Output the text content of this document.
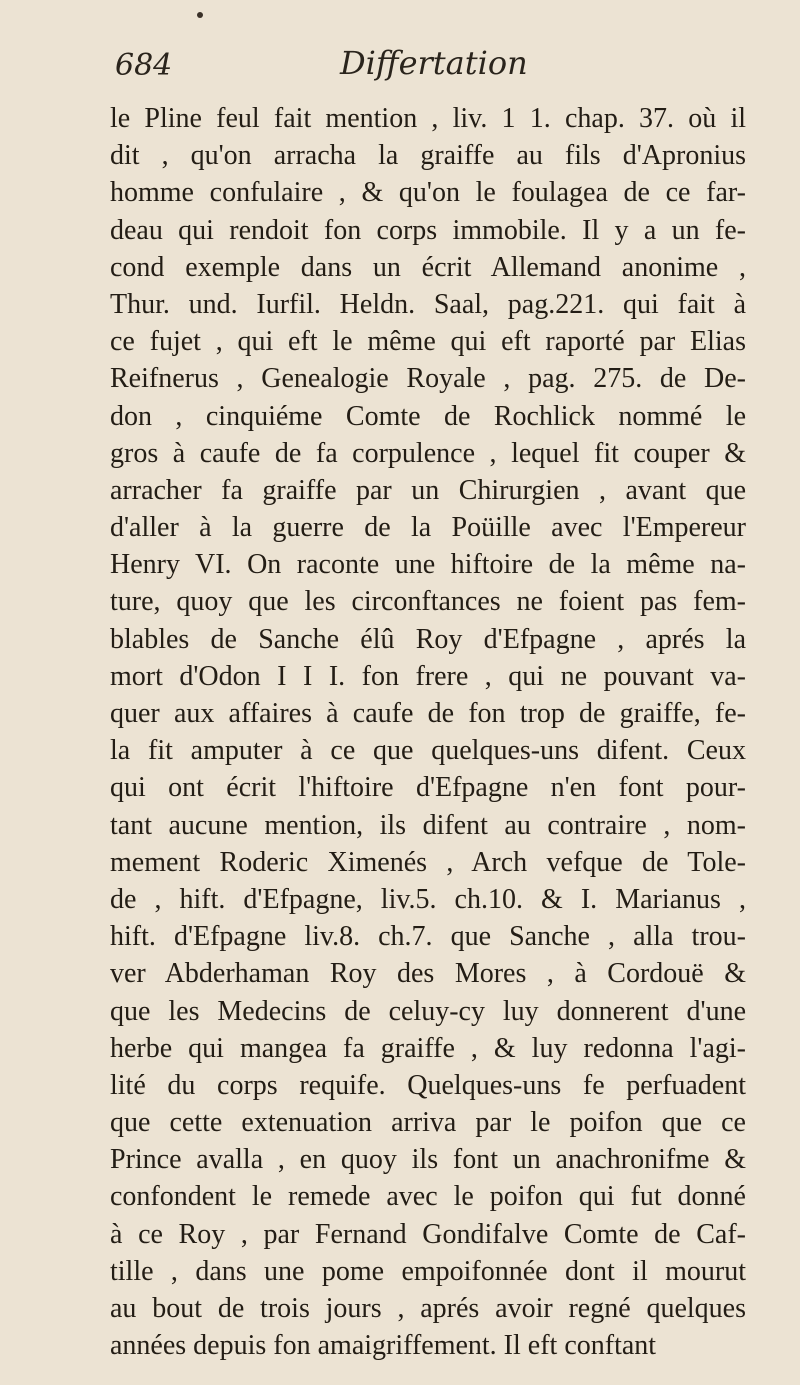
684	Differtation
le Pline feul fait mention , liv. 1 1. chap. 37. où il
dit , qu'on arracha la graiffe au fils d'Apronius
homme confulaire , & qu'on le foulagea de ce far-
deau qui rendoit fon corps immobile. Il y a un fe-
cond exemple dans un écrit Allemand anonime ,
Thur. und. Iurfil. Heldn. Saal, pag.221. qui fait à
ce fujet , qui eft le même qui eft raporté par Elias
Reifnerus , Genealogie Royale , pag. 275. de De-
don , cinquiéme Comte de Rochlick nommé le
gros à caufe de fa corpulence , lequel fit couper &
arracher fa graiffe par un Chirurgien , avant que
d'aller à la guerre de la Poüille avec l'Empereur
Henry VI. On raconte une hiftoire de la même na-
ture, quoy que les circonftances ne foient pas fem-
blables de Sanche élû Roy d'Efpagne , aprés la
mort d'Odon I I I. fon frere , qui ne pouvant va-
quer aux affaires à caufe de fon trop de graiffe, fe-
la fit amputer à ce que quelques-uns difent. Ceux
qui ont écrit l'hiftoire d'Efpagne n'en font pour-
tant aucune mention, ils difent au contraire , nom-
mement Roderic Ximenés , Arch vefque de Tole-
de , hift. d'Efpagne, liv.5. ch.10. & I. Marianus ,
hift. d'Efpagne liv.8. ch.7. que Sanche , alla trou-
ver Abderhaman Roy des Mores , à Cordouë &
que les Medecins de celuy-cy luy donnerent d'une
herbe qui mangea fa graiffe , & luy redonna l'agi-
lité du corps requife. Quelques-uns fe perfuadent
que cette extenuation arriva par le poifon que ce
Prince avalla , en quoy ils font un anachronifme &
confondent le remede avec le poifon qui fut donné
à ce Roy , par Fernand Gondifalve Comte de Caf-
tille , dans une pome empoifonnée dont il mourut
au bout de trois jours , aprés avoir regné quelques
années depuis fon amaigriffement. Il eft conftant
